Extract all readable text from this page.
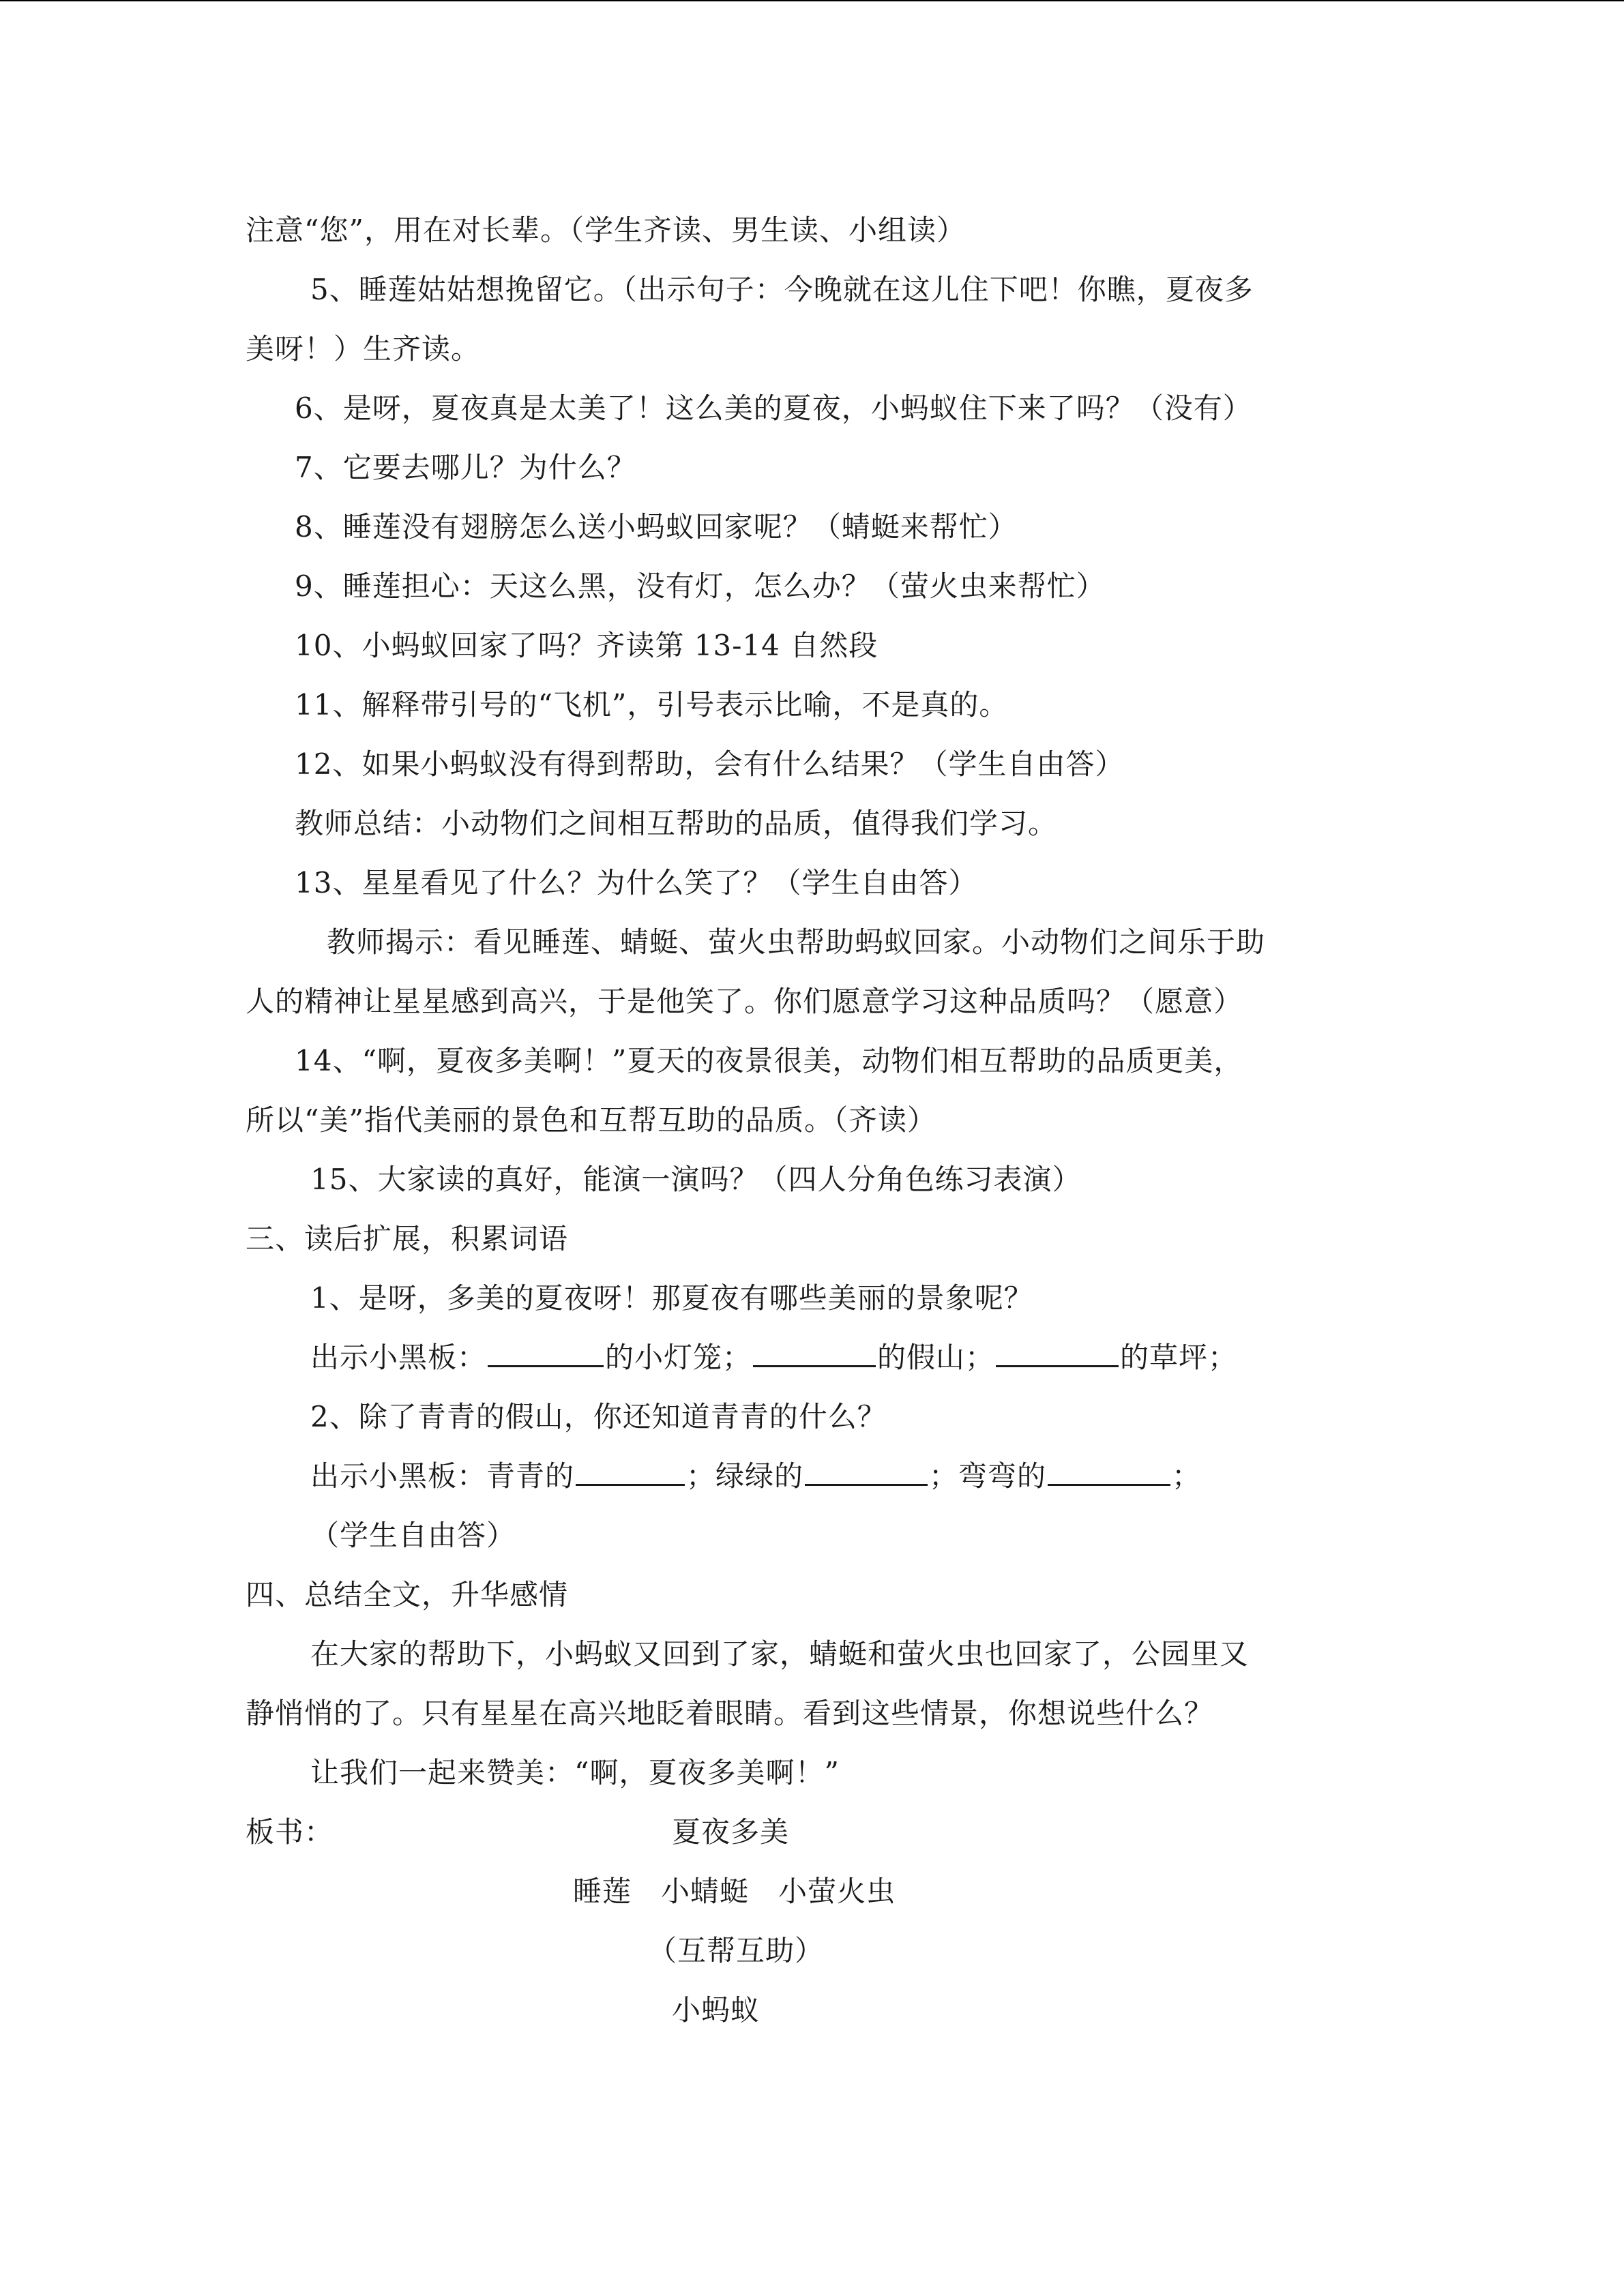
注意“您”，用在对长辈。（学生齐读、男生读、小组读）
5、睡莲姑姑想挽留它。（出示句子：今晚就在这儿住下吧！你瞧，夏夜多
美呀！）生齐读。
6、是呀，夏夜真是太美了！这么美的夏夜，小蚂蚁住下来了吗？（没有）
7、它要去哪儿？为什么？
8、睡莲没有翅膀怎么送小蚂蚁回家呢？（蜻蜓来帮忙）
9、睡莲担心：天这么黑，没有灯，怎么办？（萤火虫来帮忙）
10、小蚂蚁回家了吗？齐读第 13-14 自然段
11、解释带引号的“飞机”，引号表示比喻，不是真的。
12、如果小蚂蚁没有得到帮助，会有什么结果？（学生自由答）
教师总结：小动物们之间相互帮助的品质，值得我们学习。
13、星星看见了什么？为什么笑了？（学生自由答）
教师揭示：看见睡莲、蜻蜓、萤火虫帮助蚂蚁回家。小动物们之间乐于助
人的精神让星星感到高兴，于是他笑了。你们愿意学习这种品质吗？（愿意）
14、“啊，夏夜多美啊！”夏天的夜景很美，动物们相互帮助的品质更美，
所以“美”指代美丽的景色和互帮互助的品质。（齐读）
15、大家读的真好，能演一演吗？（四人分角色练习表演）
三、读后扩展，积累词语
1、是呀，多美的夏夜呀！那夏夜有哪些美丽的景象呢？
出示小黑板：	的小灯笼；	的假山；	的草坪；
2、除了青青的假山，你还知道青青的什么？
出示小黑板：青青的	；绿绿的	；弯弯的	；
（学生自由答）
四、总结全文，升华感情
在大家的帮助下，小蚂蚁又回到了家，蜻蜓和萤火虫也回家了，公园里又
静悄悄的了。只有星星在高兴地眨着眼睛。看到这些情景，你想说些什么？
让我们一起来赞美：“啊，夏夜多美啊！”
板书：	夏夜多美
睡莲　小蜻蜓　小萤火虫
（互帮互助）
小蚂蚁
